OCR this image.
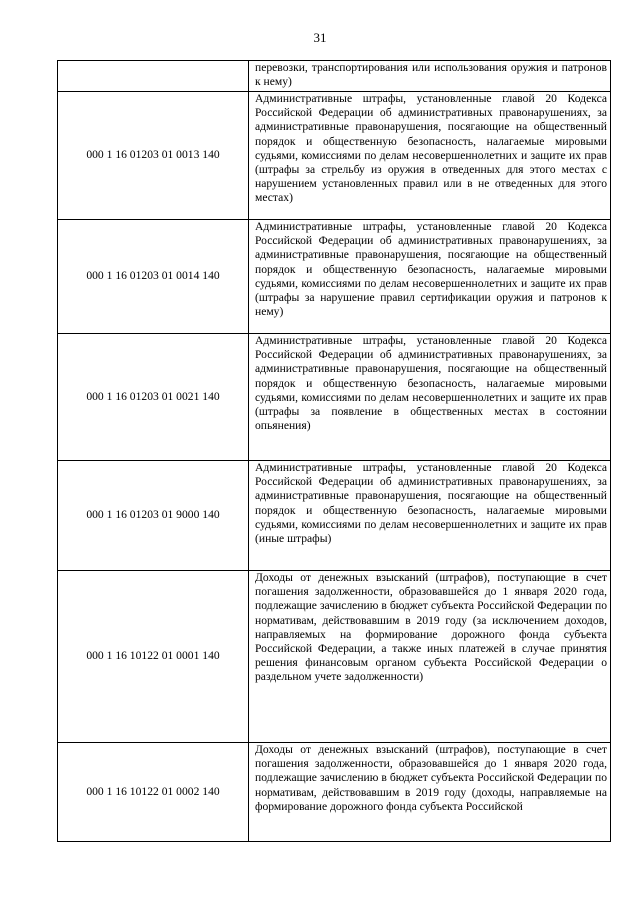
31
	перевозки, транспортирования или использования оружия и патронов к нему)
000 1 16 01203 01 0013 140	Административные штрафы, установленные главой 20 Кодекса Российской Федерации об административных правонарушениях, за административные правонарушения, посягающие на общественный порядок и общественную безопасность, налагаемые мировыми судьями, комиссиями по делам несовершеннолетних и защите их прав (штрафы за стрельбу из оружия в отведенных для этого местах с нарушением установленных правил или в не отведенных для этого местах)
000 1 16 01203 01 0014 140	Административные штрафы, установленные главой 20 Кодекса Российской Федерации об административных правонарушениях, за административные правонарушения, посягающие на общественный порядок и общественную безопасность, налагаемые мировыми судьями, комиссиями по делам несовершеннолетних и защите их прав (штрафы за нарушение правил сертификации оружия и патронов к нему)
000 1 16 01203 01 0021 140	Административные штрафы, установленные главой 20 Кодекса Российской Федерации об административных правонарушениях, за административные правонарушения, посягающие на общественный порядок и общественную безопасность, налагаемые мировыми судьями, комиссиями по делам несовершеннолетних и защите их прав (штрафы за появление в общественных местах в состоянии опьянения)
000 1 16 01203 01 9000 140	Административные штрафы, установленные главой 20 Кодекса Российской Федерации об административных правонарушениях, за административные правонарушения, посягающие на общественный порядок и общественную безопасность, налагаемые мировыми судьями, комиссиями по делам несовершеннолетних и защите их прав (иные штрафы)
000 1 16 10122 01 0001 140	Доходы от денежных взысканий (штрафов), поступающие в счет погашения задолженности, образовавшейся до 1 января 2020 года, подлежащие зачислению в бюджет субъекта Российской Федерации по нормативам, действовавшим в 2019 году (за исключением доходов, направляемых на формирование дорожного фонда субъекта Российской Федерации, а также иных платежей в случае принятия решения финансовым органом субъекта Российской Федерации о раздельном учете задолженности)
000 1 16 10122 01 0002 140	Доходы от денежных взысканий (штрафов), поступающие в счет погашения задолженности, образовавшейся до 1 января 2020 года, подлежащие зачислению в бюджет субъекта Российской Федерации по нормативам, действовавшим в 2019 году (доходы, направляемые на формирование дорожного фонда субъекта Российской
